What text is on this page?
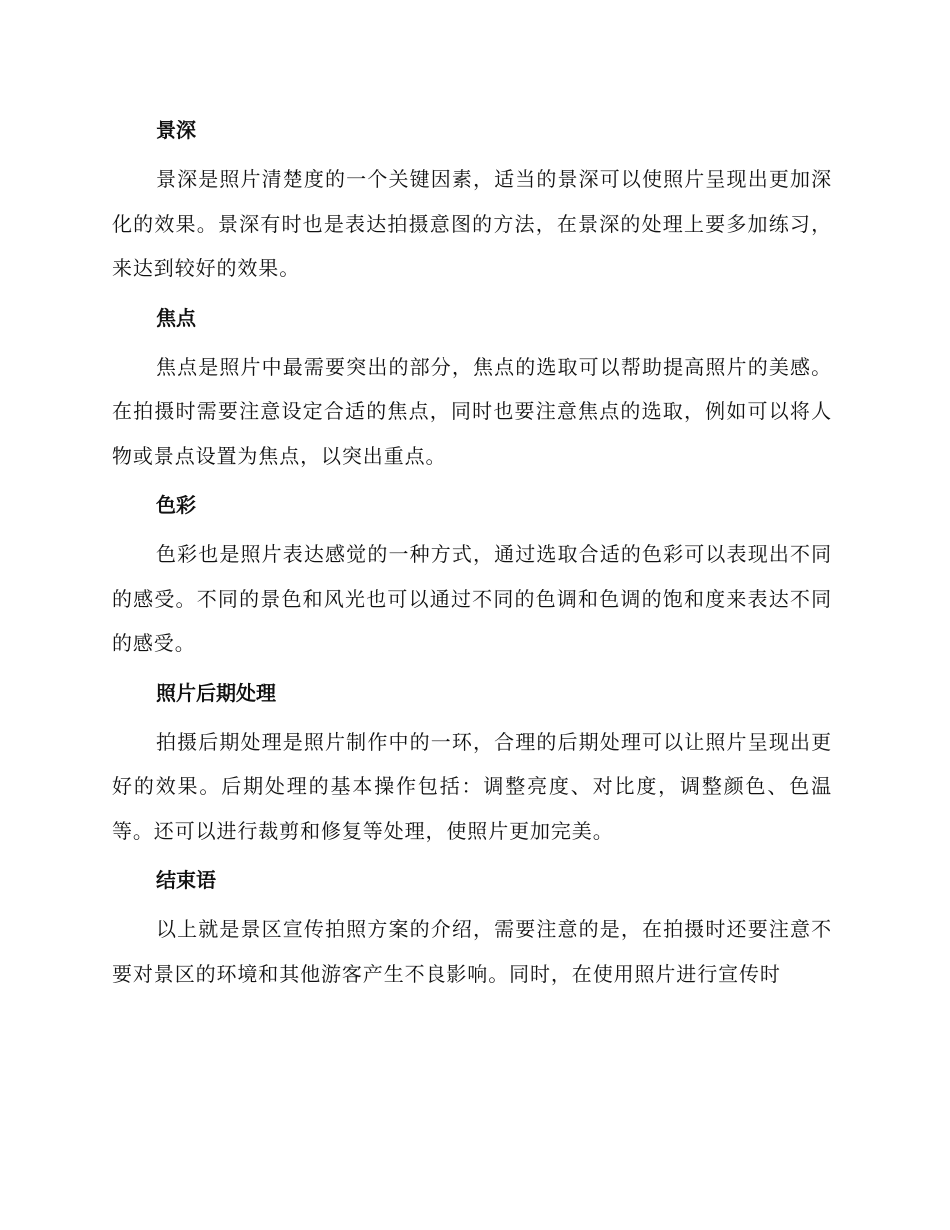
景深

景深是照片清楚度的一个关键因素，适当的景深可以使照片呈现出更加深化的效果。景深有时也是表达拍摄意图的方法，在景深的处理上要多加练习，来达到较好的效果。

焦点

焦点是照片中最需要突出的部分，焦点的选取可以帮助提高照片的美感。在拍摄时需要注意设定合适的焦点，同时也要注意焦点的选取，例如可以将人物或景点设置为焦点，以突出重点。

色彩

色彩也是照片表达感觉的一种方式，通过选取合适的色彩可以表现出不同的感受。不同的景色和风光也可以通过不同的色调和色调的饱和度来表达不同的感受。

照片后期处理

拍摄后期处理是照片制作中的一环，合理的后期处理可以让照片呈现出更好的效果。后期处理的基本操作包括：调整亮度、对比度，调整颜色、色温等。还可以进行裁剪和修复等处理，使照片更加完美。

结束语

以上就是景区宣传拍照方案的介绍，需要注意的是，在拍摄时还要注意不要对景区的环境和其他游客产生不良影响。同时，在使用照片进行宣传时
